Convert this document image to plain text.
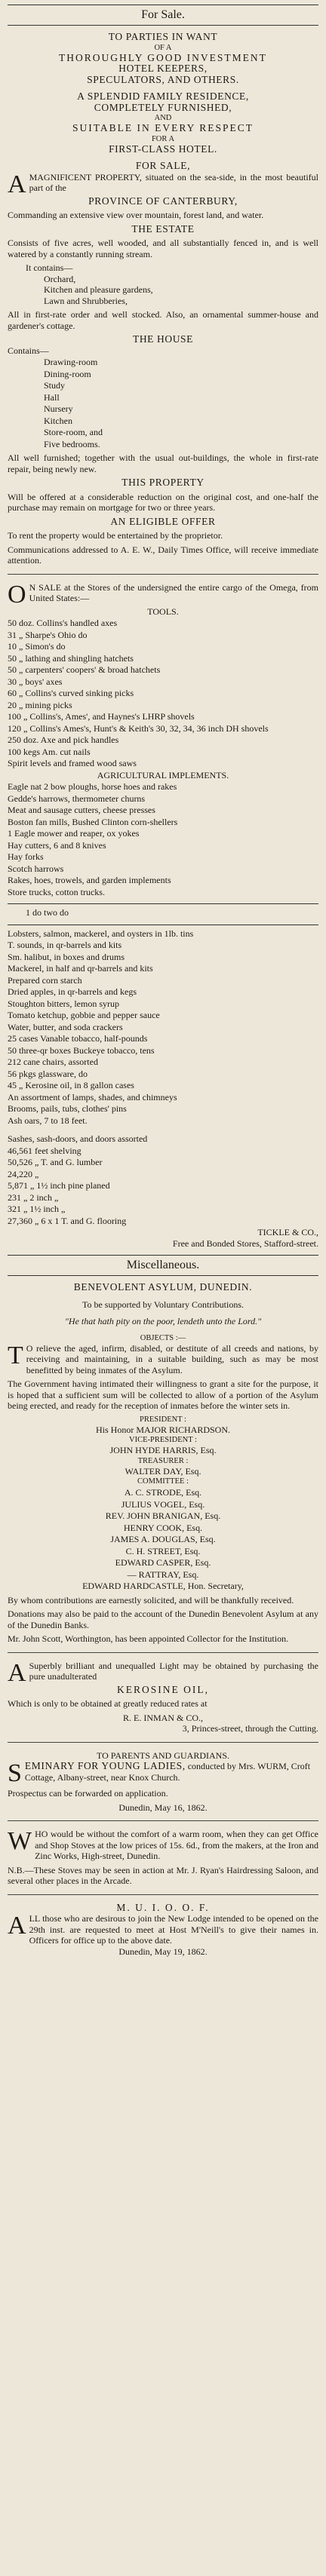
For Sale.
TO PARTIES IN WANT
OF A
THOROUGHLY GOOD INVESTMENT
HOTEL KEEPERS,
SPECULATORS, AND OTHERS.
A SPLENDID FAMILY RESIDENCE,
COMPLETELY FURNISHED,
AND
SUITABLE IN EVERY RESPECT
FOR A
FIRST-CLASS HOTEL.
FOR SALE,
A MAGNIFICENT PROPERTY, situated on the sea-side, in the most beautiful part of the
PROVINCE OF CANTERBURY,

Commanding an extensive view over mountain, forest land, and water.

THE ESTATE

Consists of five acres, well wooded, and all substantially fenced in, and is well watered by a constantly running stream.

It contains—
Orchard,
Kitchen and pleasure gardens,
Lawn and Shrubberies,

All in first-rate order and well stocked. Also, an ornamental summer-house and gardener's cottage.

THE HOUSE
Contains—

Drawing-room

Dining-room

Study

Hall

Nursery

Kitchen

Store-room, and

Five bedrooms.

All well furnished; together with the usual out-buildings, the whole in first-rate repair, being newly new.

THIS PROPERTY

Will be offered at a considerable reduction on the original cost, and one-half the purchase may remain on mortgage for two or three years.

AN ELIGIBLE OFFER

To rent the property would be entertained by the proprietor.

Communications addressed to A. E. W., Daily Times Office, will receive immediate attention.

O N SALE at the Stores of the undersigned the entire cargo of the Omega, from United States:—
TOOLS.

50 doz. Collins's handled axes

31 „ Sharpe's Ohio do

10 „ Simon's do

50 „ lathing and shingling hatchets

50 „ carpenters' coopers' & broad hatchets

30 „ boys' axes

60 „ Collins's curved sinking picks

20 „ mining picks

100 „ Collins's, Ames', and Haynes's LHRP shovels

120 „ Collins's Ames's, Hunt's & Keith's 30, 32, 34, 36 inch DH shovels

250 doz. Axe and pick handles

100 kegs Am. cut nails

Spirit levels and framed wood saws

AGRICULTURAL IMPLEMENTS.

Eagle nat 2 bow ploughs, horse hoes and rakes

Gedde's harrows, thermometer churns

Meat and sausage cutters, cheese presses

Boston fan mills, Bushed Clinton corn-shellers

1 Eagle mower and reaper, ox yokes

Hay cutters, 6 and 8 knives

Hay forks

Scotch harrows

Rakes, hoes, trowels, and garden implements

Store trucks, cotton trucks.

1 do two do

Lobsters, salmon, mackerel, and oysters in 1lb. tins

T. sounds, in qr-barrels and kits

Sm. halibut, in boxes and drums

Mackerel, in half and qr-barrels and kits

Prepared corn starch

Dried apples, in qr-barrels and kegs

Stoughton bitters, lemon syrup

Tomato ketchup, gobbie and pepper sauce

Water, butter, and soda crackers

25 cases Vanable tobacco, half-pounds

50 three-qr boxes Buckeye tobacco, tens

212 cane chairs, assorted

56 pkgs glassware, do

45 „ Kerosine oil, in 8 gallon cases

An assortment of lamps, shades, and chimneys

Brooms, pails, tubs, clothes' pins

Ash oars, 7 to 18 feet.

Sashes, sash-doors, and doors assorted

46,561 feet shelving

50,526 „ T. and G. lumber

24,220 „

5,871 „ 1½ inch pine planed

231 „ 2 inch „

321 „ 1½ inch „

27,360 „ 6 x 1 T. and G. flooring

TICKLE & CO.,
Free and Bonded Stores, Stafford-street.
Miscellaneous.
BENEVOLENT ASYLUM, DUNEDIN.
To be supported by Voluntary Contributions.
"He that hath pity on the poor, lendeth unto the Lord."
OBJECTS :—
T O relieve the aged, infirm, disabled, or destitute of all creeds and nations, by receiving and maintaining, in a suitable building, such as may be most benefitted by being inmates of the Asylum.

The Government having intimated their willingness to grant a site for the purpose, it is hoped that a sufficient sum will be collected to allow of a portion of the Asylum being erected, and ready for the reception of inmates before the winter sets in.

PRESIDENT :
His Honor MAJOR RICHARDSON.
VICE-PRESIDENT :
JOHN HYDE HARRIS, Esq.
TREASURER :
WALTER DAY, Esq.
COMMITTEE :

A. C. STRODE, Esq.

JULIUS VOGEL, Esq.

REV. JOHN BRANIGAN, Esq.

HENRY COOK, Esq.

JAMES A. DOUGLAS, Esq.

C. H. STREET, Esq.

EDWARD CASPER, Esq.

— RATTRAY, Esq.

EDWARD HARDCASTLE, Hon. Secretary,

By whom contributions are earnestly solicited, and will be thankfully received.

Donations may also be paid to the account of the Dunedin Benevolent Asylum at any of the Dunedin Banks.

Mr. John Scott, Worthington, has been appointed Collector for the Institution.

A Superbly brilliant and unequalled Light may be obtained by purchasing the pure unadulterated
KEROSINE OIL,

Which is only to be obtained at greatly reduced rates at

R. E. INMAN & CO.,
3, Princes-street, through the Cutting.
TO PARENTS AND GUARDIANS.
S EMINARY FOR YOUNG LADIES, conducted by Mrs. WURM, Croft Cottage, Albany-street, near Knox Church.

Prospectus can be forwarded on application.

Dunedin, May 16, 1862.
W HO would be without the comfort of a warm room, when they can get Office and Shop Stoves at the low prices of 15s. 6d., from the makers, at the Iron and Zinc Works, High-street, Dunedin.

N.B.—These Stoves may be seen in action at Mr. J. Ryan's Hairdressing Saloon, and several other places in the Arcade.

M. U. I. O. O. F.
A LL those who are desirous to join the New Lodge intended to be opened on the 29th inst. are requested to meet at Host M'Neill's to give their names in. Officers for office up to the above date.
Dunedin, May 19, 1862.
